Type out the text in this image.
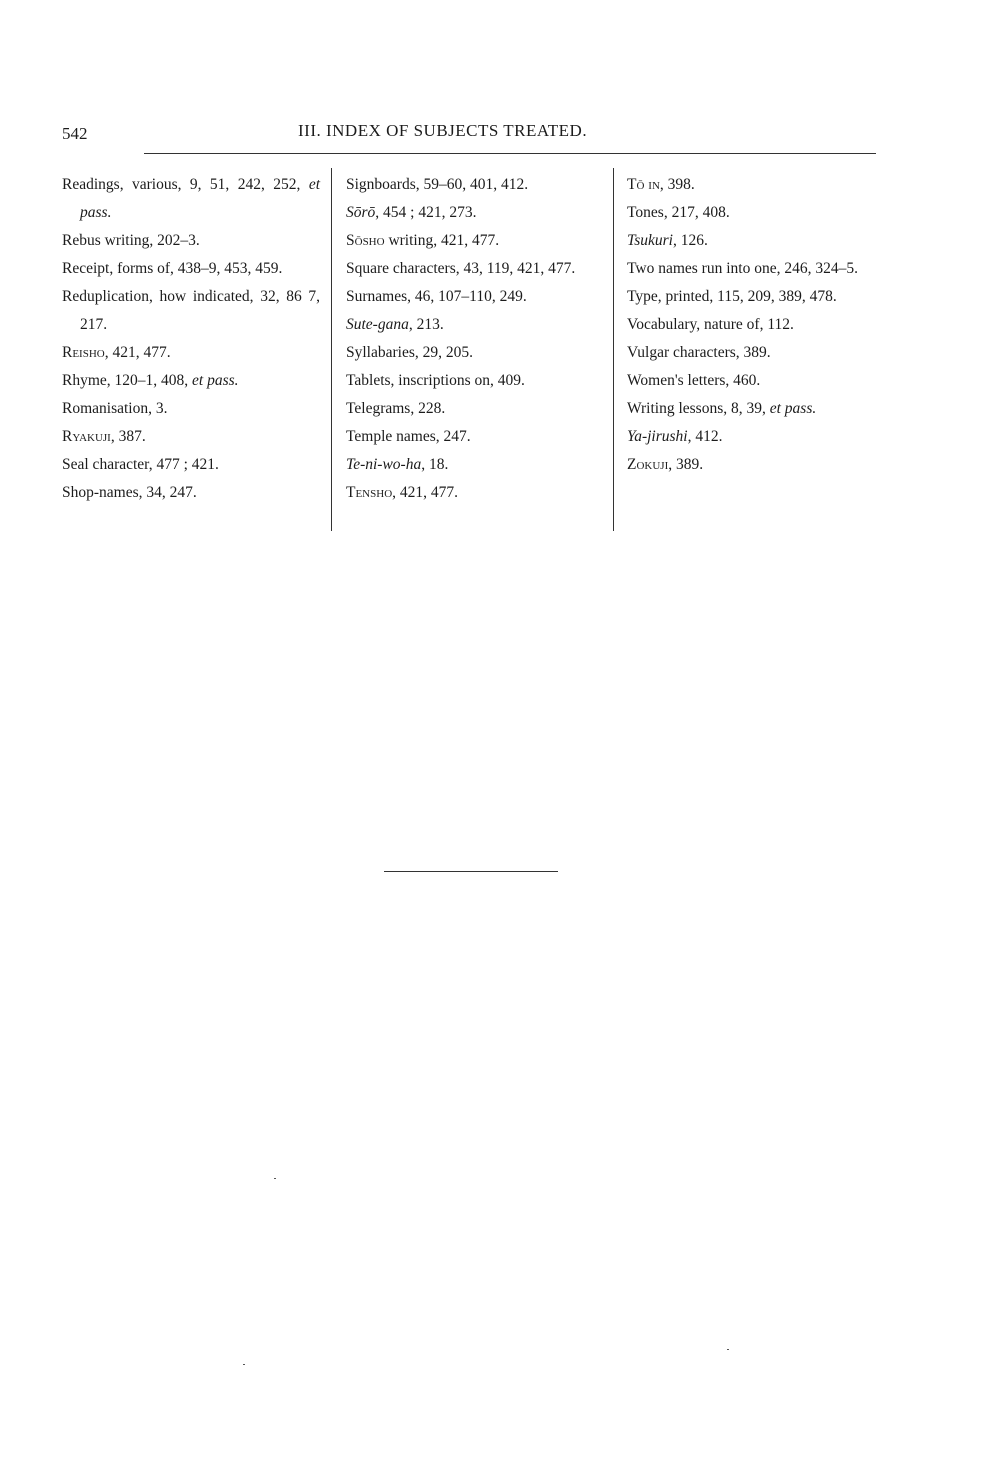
542	III. INDEX OF SUBJECTS TREATED.
Readings, various, 9, 51, 242, 252, et pass.
Rebus writing, 202–3.
Receipt, forms of, 438–9, 453, 459.
Reduplication, how indicated, 32, 86 7, 217.
Reisho, 421, 477.
Rhyme, 120–1, 408, et pass.
Romanisation, 3.
Ryakuji, 387.
Seal character, 477 ; 421.
Shop-names, 34, 247.
Signboards, 59–60, 401, 412.
Sōrō, 454 ; 421, 273.
Sōsho writing, 421, 477.
Square characters, 43, 119, 421, 477.
Surnames, 46, 107–110, 249.
Sute-gana, 213.
Syllabaries, 29, 205.
Tablets, inscriptions on, 409.
Telegrams, 228.
Temple names, 247.
Te-ni-wo-ha, 18.
Tensho, 421, 477.
Tō in, 398.
Tones, 217, 408.
Tsukuri, 126.
Two names run into one, 246, 324–5.
Type, printed, 115, 209, 389, 478.
Vocabulary, nature of, 112.
Vulgar characters, 389.
Women's letters, 460.
Writing lessons, 8, 39, et pass.
Ya-jirushi, 412.
Zokuji, 389.
